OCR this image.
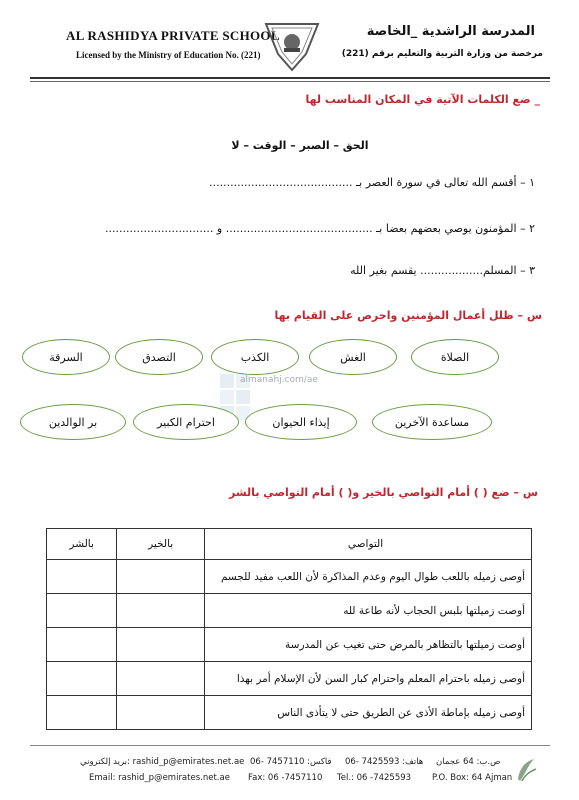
AL RASHIDYA PRIVATE SCHOOL
Licensed by the Ministry of Education No. (221)
المدرسة الراشدية _الخاصة
مرخصة من وزارة التربية والتعليم برقم (221)
_ ضع الكلمات الآتية في المكان المناسب لها
الحق – الصبر – الوقت – لا
١ – أقسم الله تعالى في سورة العصر بـ .........................................
٢ – المؤمنون يوصي بعضهم بعضا بـ .......................................... و ...............................
٣ – المسلم.................. يقسم بغير الله
س – ظلل أعمال المؤمنين واحرص على القيام بها
الصلاة
الغش
الكذب
التصدق
السرقة
almanahj.com/ae
مساعدة الآخرين
إيذاء الحيوان
احترام الكبير
بر الوالدين
س – ضع ( ) أمام التواصي بالخير و( ) أمام التواصي بالشر
التواصي	بالخير	بالشر
أوصى زميله باللعب طوال اليوم وعدم المذاكرة لأن اللعب مفيد للجسم		
أوصت زميلتها بلبس الحجاب لأنه طاعة لله		
أوصت زميلتها بالتظاهر بالمرض حتى تغيب عن المدرسة		
أوصى زميله باحترام المعلم واحترام كبار السن لأن الإسلام أمر بهذا		
أوصى زميله بإماطة الأذى عن الطريق حتى لا يتأذى الناس		
rashid_p@emirates.net.ae :بريد إلكتروني فاكس: 7457110 -06 هاتف: 7425593 -06 ص.ب: 64 عجمان
Email: rashid_p@emirates.net.ae Fax: 06 -7457110 Tel.: 06 -7425593 P.O. Box: 64 Ajman
